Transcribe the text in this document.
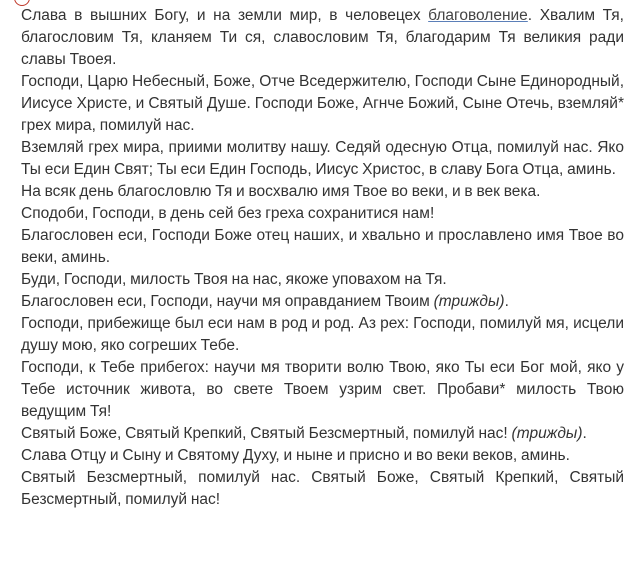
Слава в вышних Богу, и на земли мир, в человецех благоволение. Хвалим Тя, благословим Тя, кланяем Ти ся, славословим Тя, благодарим Тя великия ради славы Твоея.

Господи, Царю Небесный, Боже, Отче Вседержителю, Господи Сыне Единородный, Иисусе Христе, и Святый Душе. Господи Боже, Агнче Божий, Сыне Отечь, вземляй* грех мира, помилуй нас.

Вземляй грех мира, приими молитву нашу. Седяй одесную Отца, помилуй нас. Яко Ты еси Един Свят; Ты еси Един Господь, Иисус Христос, в славу Бога Отца, аминь.

На всяк день благословлю Тя и восхвалю имя Твое во веки, и в век века.

Сподоби, Господи, в день сей без греха сохранитися нам!

Благословен еси, Господи Боже отец наших, и хвально и прославлено имя Твое во веки, аминь.

Буди, Господи, милость Твоя на нас, якоже уповахом на Тя.

Благословен еси, Господи, научи мя оправданием Твоим (трижды).

Господи, прибежище был еси нам в род и род. Аз рех: Господи, помилуй мя, исцели душу мою, яко согреших Тебе.

Господи, к Тебе прибегох: научи мя творити волю Твою, яко Ты еси Бог мой, яко у Тебе источник живота, во свете Твоем узрим свет. Пробави* милость Твою ведущим Тя!

Святый Боже, Святый Крепкий, Святый Безсмертный, помилуй нас! (трижды).

Слава Отцу и Сыну и Святому Духу, и ныне и присно и во веки веков, аминь.

Святый Безсмертный, помилуй нас. Святый Боже, Святый Крепкий, Святый Безсмертный, помилуй нас!
